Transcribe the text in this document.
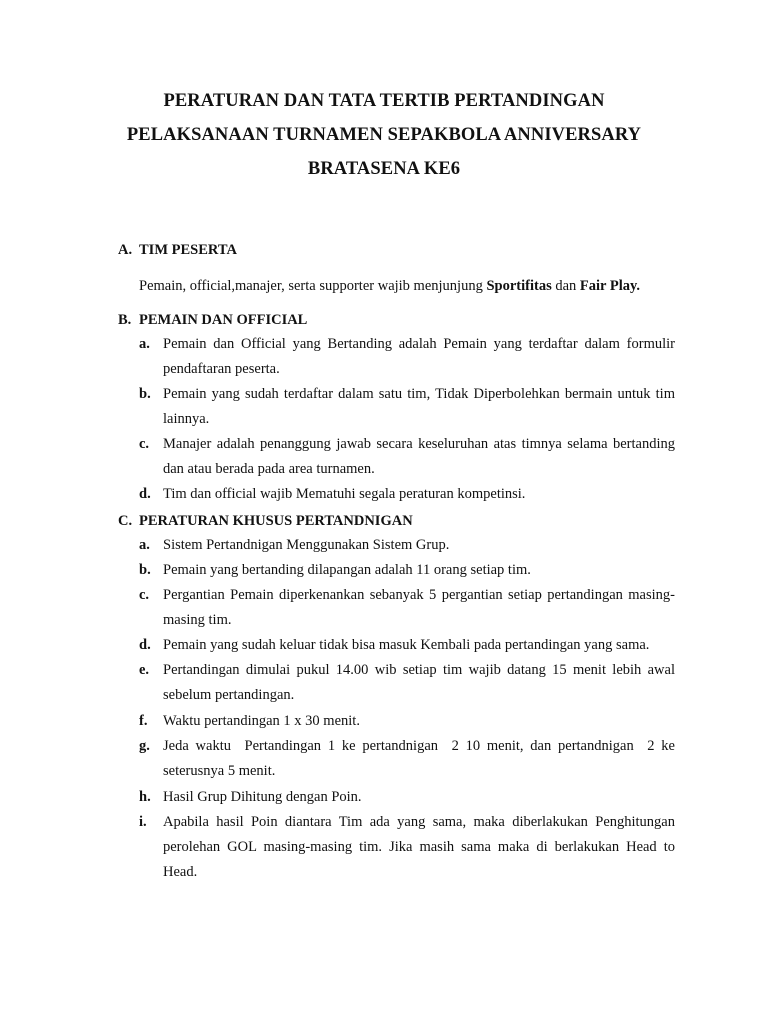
PERATURAN DAN TATA TERTIB PERTANDINGAN
PELAKSANAAN TURNAMEN SEPAKBOLA ANNIVERSARY
BRATASENA KE6
A. TIM PESERTA
Pemain, official,manajer, serta supporter wajib menjunjung Sportifitas dan Fair Play.
B. PEMAIN DAN OFFICIAL
a. Pemain dan Official yang Bertanding adalah Pemain yang terdaftar dalam formulir pendaftaran peserta.
b. Pemain yang sudah terdaftar dalam satu tim, Tidak Diperbolehkan bermain untuk tim lainnya.
c. Manajer adalah penanggung jawab secara keseluruhan atas timnya selama bertanding dan atau berada pada area turnamen.
d. Tim dan official wajib Mematuhi segala peraturan kompetinsi.
C. PERATURAN KHUSUS PERTANDNIGAN
a. Sistem Pertandnigan Menggunakan Sistem Grup.
b. Pemain yang bertanding dilapangan adalah 11 orang setiap tim.
c. Pergantian Pemain diperkenankan sebanyak 5 pergantian setiap pertandingan masing-masing tim.
d. Pemain yang sudah keluar tidak bisa masuk Kembali pada pertandingan yang sama.
e. Pertandingan dimulai pukul 14.00 wib setiap tim wajib datang 15 menit lebih awal sebelum pertandingan.
f. Waktu pertandingan 1 x 30 menit.
g. Jeda waktu  Pertandingan 1 ke pertandnigan  2 10 menit, dan pertandnigan  2 ke seterusnya 5 menit.
h. Hasil Grup Dihitung dengan Poin.
i. Apabila hasil Poin diantara Tim ada yang sama, maka diberlakukan Penghitungan perolehan GOL masing-masing tim. Jika masih sama maka di berlakukan Head to Head.
